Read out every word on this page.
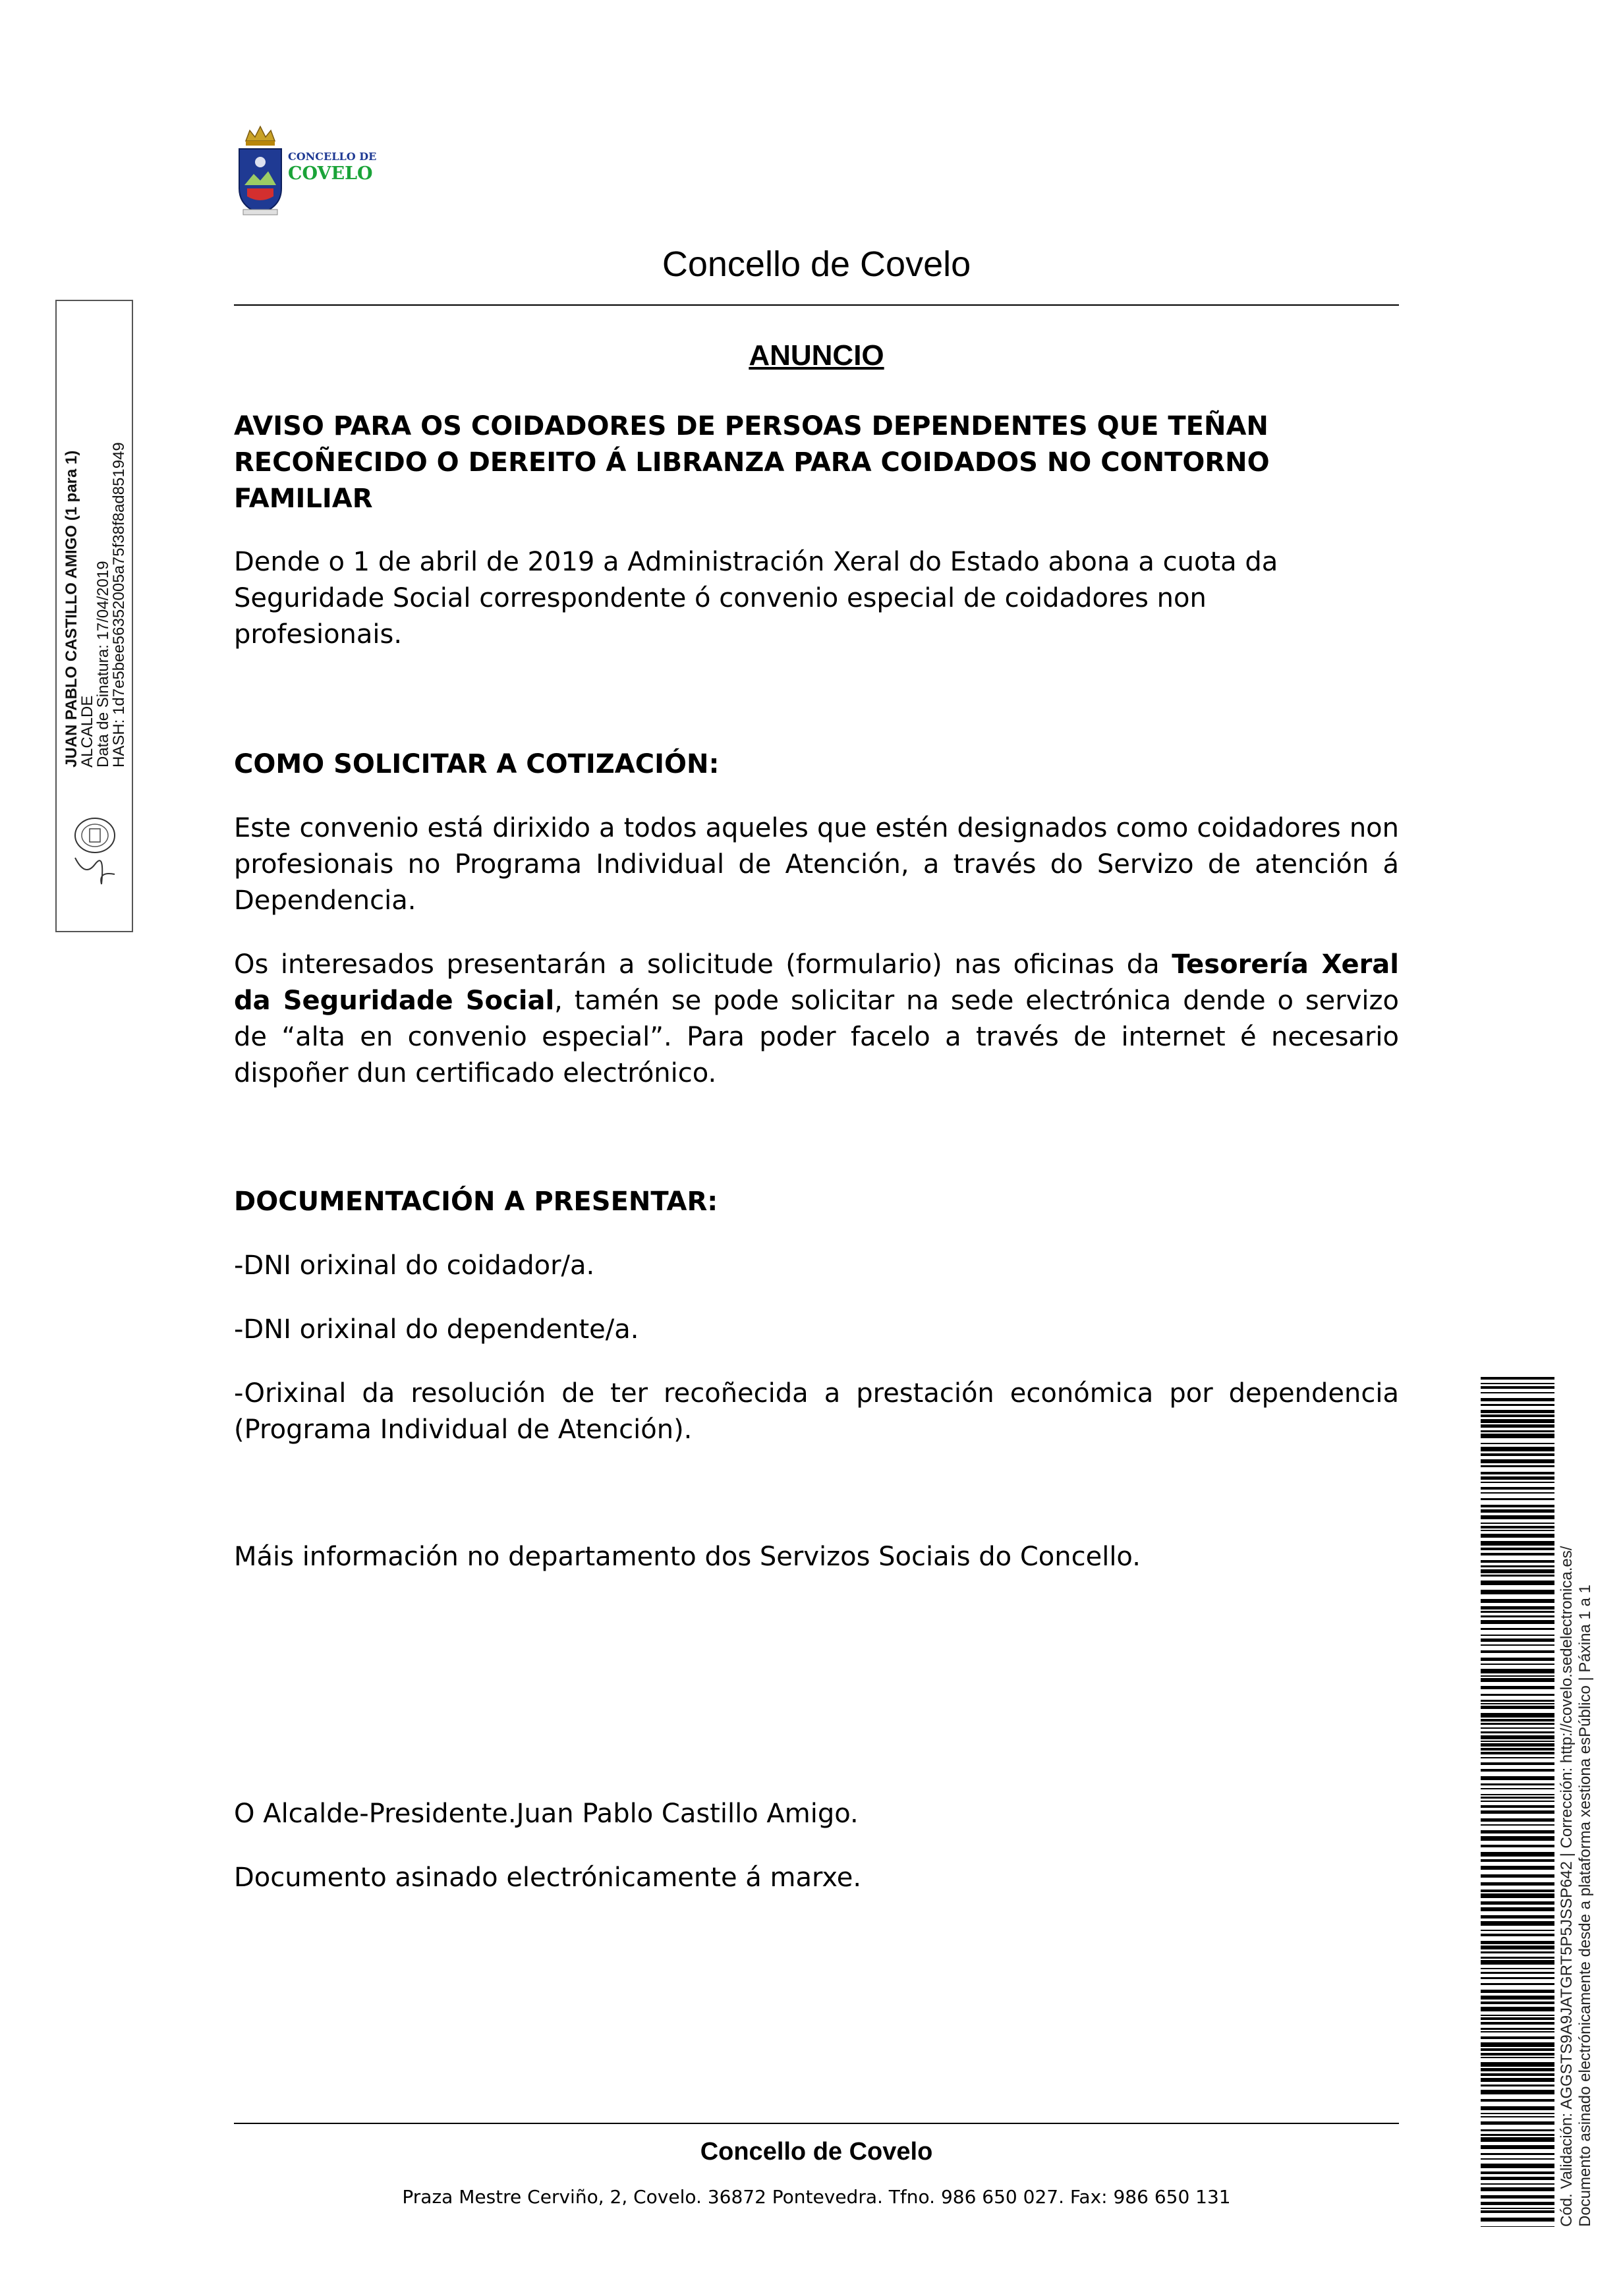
CONCELLO DE
COVELO
Concello de Covelo
ANUNCIO
AVISO PARA OS COIDADORES DE PERSOAS DEPENDENTES QUE TEÑAN
RECOÑECIDO O DEREITO Á LIBRANZA PARA COIDADOS NO CONTORNO
FAMILIAR
Dende o 1 de abril de 2019 a Administración Xeral do Estado abona a cuota da
Seguridade Social correspondente ó convenio especial de coidadores non
profesionais.
COMO SOLICITAR A COTIZACIÓN:

Este convenio está dirixido a todos aqueles que estén designados como coidadores non profesionais no Programa Individual de Atención, a través do Servizo de atención á Dependencia.

Os interesados presentarán a solicitude (formulario) nas oficinas da Tesorería Xeral da Seguridade Social, tamén se pode solicitar na sede electrónica dende o servizo de “alta en convenio especial”. Para poder facelo a través de internet é necesario dispoñer dun certificado electrónico.

DOCUMENTACIÓN A PRESENTAR:
-DNI orixinal do coidador/a.
-DNI orixinal do dependente/a.

-Orixinal da resolución de ter recoñecida a prestación económica por dependencia (Programa Individual de Atención).

Máis información no departamento dos Servizos Sociais do Concello.
O Alcalde-Presidente.Juan Pablo Castillo Amigo.
Documento asinado electrónicamente á marxe.
JUAN PABLO CASTILLO AMIGO (1 para 1)
ALCALDE
Data de Sinatura: 17/04/2019
HASH: 1d7e5bee56352005a75f38f8ad851949
Cód. Validación: AGGSTS9A9JATGRT5P5JSSP642 | Corrección: http://covelo.sedelectronica.es/ Documento asinado electrónicamente desde a plataforma xestiona esPúblico | Páxina 1 a 1
Concello de Covelo
Praza Mestre Cerviño, 2, Covelo. 36872 Pontevedra. Tfno. 986 650 027. Fax: 986 650 131
